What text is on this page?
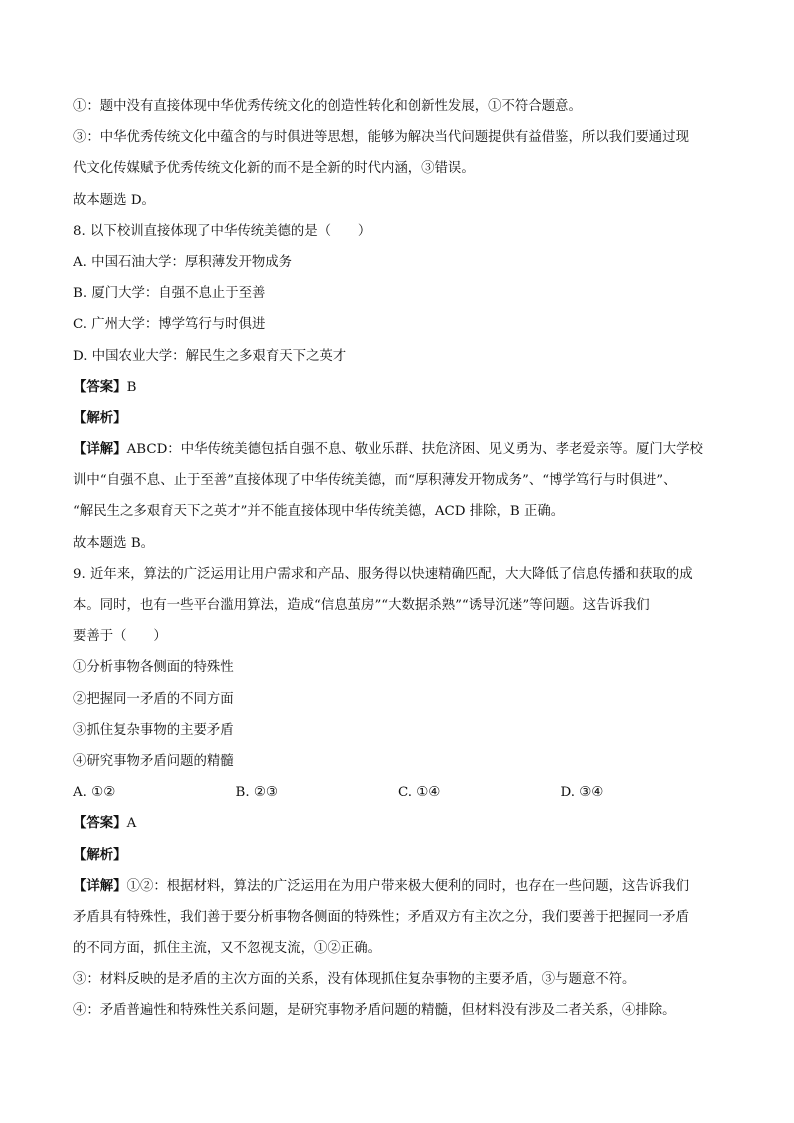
①：题中没有直接体现中华优秀传统文化的创造性转化和创新性发展，①不符合题意。
③：中华优秀传统文化中蕴含的与时俱进等思想，能够为解决当代问题提供有益借鉴，所以我们要通过现
代文化传媒赋予优秀传统文化新的而不是全新的时代内涵，③错误。
故本题选 D。
8. 以下校训直接体现了中华传统美德的是（　　）
A. 中国石油大学：厚积薄发开物成务
B. 厦门大学：自强不息止于至善
C. 广州大学：博学笃行与时俱进
D. 中国农业大学：解民生之多艰育天下之英才
【答案】B
【解析】
【详解】ABCD：中华传统美德包括自强不息、敬业乐群、扶危济困、见义勇为、孝老爱亲等。厦门大学校
训中“自强不息、止于至善”直接体现了中华传统美德，而“厚积薄发开物成务”、“博学笃行与时俱进”、
“解民生之多艰育天下之英才”并不能直接体现中华传统美德，ACD 排除，B 正确。
故本题选 B。
9. 近年来，算法的广泛运用让用户需求和产品、服务得以快速精确匹配，大大降低了信息传播和获取的成
本。同时，也有一些平台滥用算法，造成“信息茧房”“大数据杀熟”“诱导沉迷”等问题。这告诉我们
要善于（　　）
①分析事物各侧面的特殊性
②把握同一矛盾的不同方面
③抓住复杂事物的主要矛盾
④研究事物矛盾问题的精髓
A. ①②	B. ②③	C. ①④	D. ③④
【答案】A
【解析】
【详解】①②：根据材料，算法的广泛运用在为用户带来极大便利的同时，也存在一些问题，这告诉我们
矛盾具有特殊性，我们善于要分析事物各侧面的特殊性；矛盾双方有主次之分，我们要善于把握同一矛盾
的不同方面，抓住主流，又不忽视支流，①②正确。
③：材料反映的是矛盾的主次方面的关系，没有体现抓住复杂事物的主要矛盾，③与题意不符。
④：矛盾普遍性和特殊性关系问题，是研究事物矛盾问题的精髓，但材料没有涉及二者关系，④排除。
